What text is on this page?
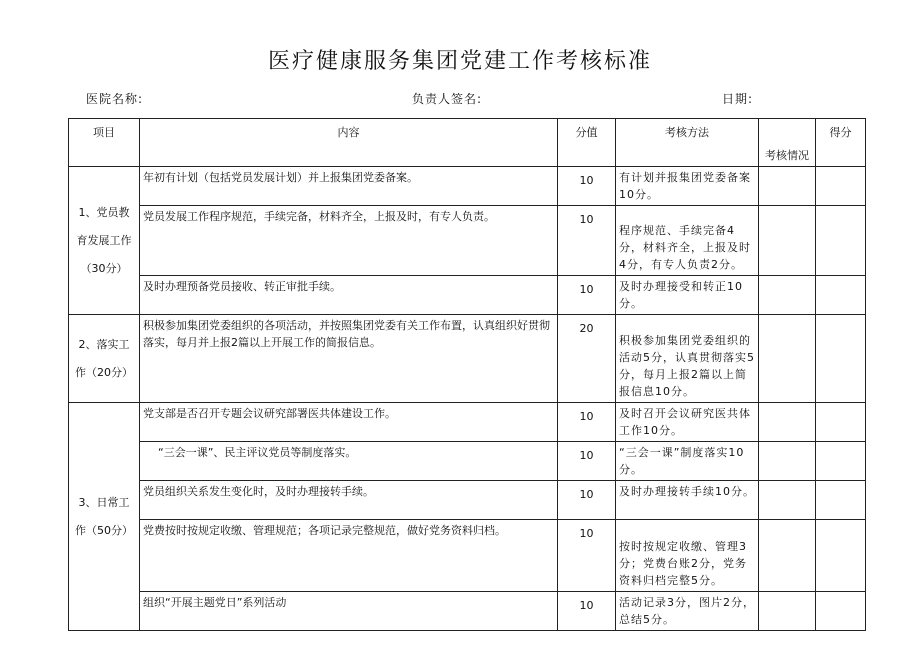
医疗健康服务集团党建工作考核标准
医院名称:	负责人签名:	日期:
项目	内容	分值	考核方法	考核情况	得分
1、党员教育发展工作（30分）	年初有计划（包括党员发展计划）并上报集团党委备案。	10	有计划并报集团党委备案10分。		
	党员发展工作程序规范，手续完备，材料齐全，上报及时，有专人负责。	10	程序规范、手续完备4分，材料齐全，上报及时4分，有专人负责2分。		
	及时办理预备党员接收、转正审批手续。	10	及时办理接受和转正10分。		
2、落实工作（20分）	积极参加集团党委组织的各项活动，并按照集团党委有关工作布置，认真组织好贯彻落实，每月并上报2篇以上开展工作的简报信息。	20	积极参加集团党委组织的活动5分，认真贯彻落实5分，每月上报2篇以上简报信息10分。		
3、日常工作（50分）	党支部是否召开专题会议研究部署医共体建设工作。	10	及时召开会议研究医共体工作10分。		
	“三会一课”、民主评议党员等制度落实。	10	“三会一课”制度落实10分。		
	党员组织关系发生变化时，及时办理接转手续。	10	及时办理接转手续10分。		
	党费按时按规定收缴、管理规范；各项记录完整规范，做好党务资料归档。	10	按时按规定收缴、管理3分；党费台账2分，党务资料归档完整5分。		
	组织“开展主题党日”系列活动	10	活动记录3分，图片2分，总结5分。		
